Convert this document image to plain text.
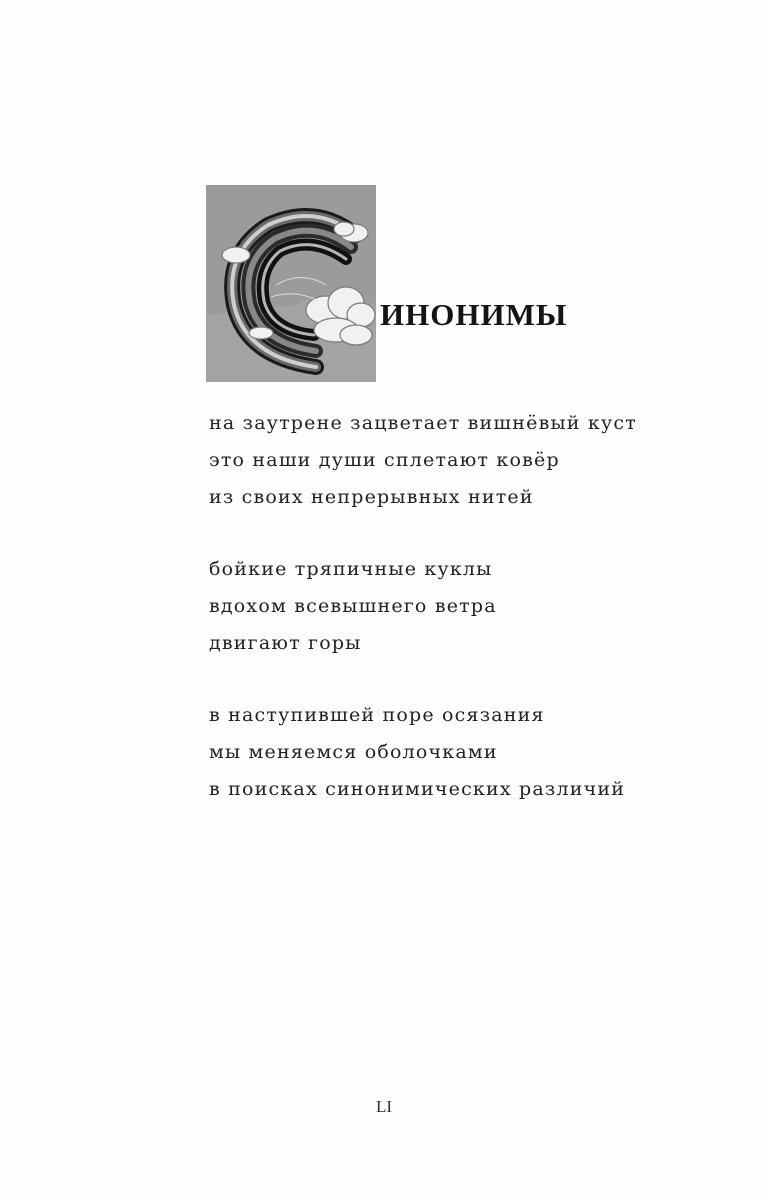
ИНОНИМЫ
на заутрене зацветает вишнёвый куст
это наши души сплетают ковёр
из своих непрерывных нитей
бойкие тряпичные куклы
вдохом всевышнего ветра
двигают горы
в наступившей поре осязания
мы меняемся оболочками
в поисках синонимических различий
LI
